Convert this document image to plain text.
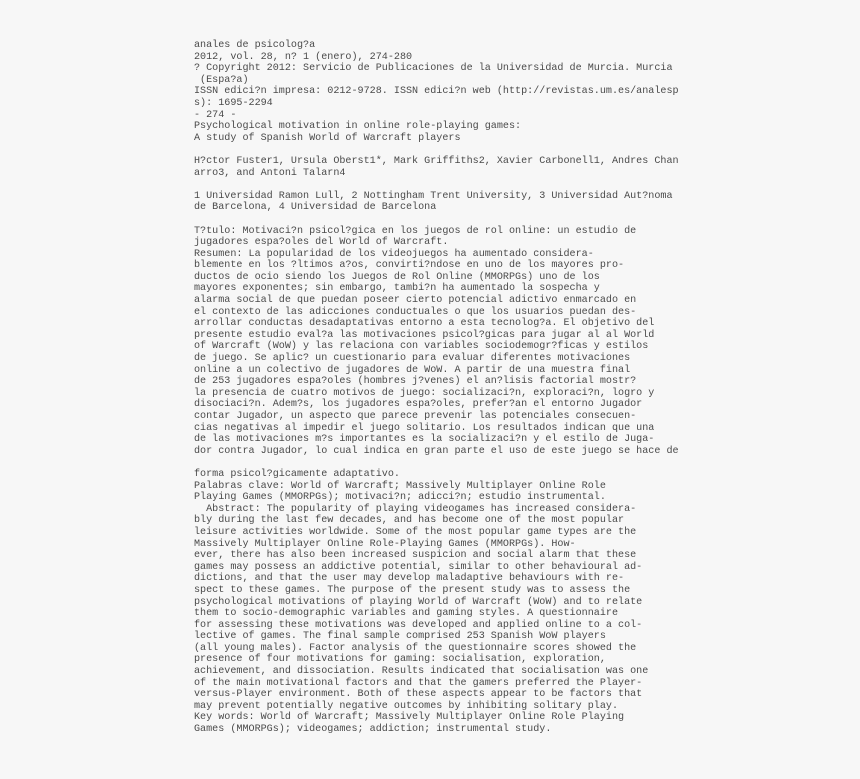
anales de psicolog?a
2012, vol. 28, n? 1 (enero), 274-280
? Copyright 2012: Servicio de Publicaciones de la Universidad de Murcia. Murcia
(Espa?a)
ISSN edici?n impresa: 0212-9728. ISSN edici?n web (http://revistas.um.es/analesp
s): 1695-2294
- 274 -
Psychological motivation in online role-playing games:
A study of Spanish World of Warcraft players
H?ctor Fuster1, Ursula Oberst1*, Mark Griffiths2, Xavier Carbonell1, Andres Chan
arro3, and Antoni Talarn4
1 Universidad Ramon Lull, 2 Nottingham Trent University, 3 Universidad Aut?noma
de Barcelona, 4 Universidad de Barcelona
T?tulo: Motivaci?n psicol?gica en los juegos de rol online: un estudio de
jugadores espa?oles del World of Warcraft.
Resumen: La popularidad de los videojuegos ha aumentado considera-
blemente en los ?ltimos a?os, convirti?ndose en uno de los mayores pro-
ductos de ocio siendo los Juegos de Rol Online (MMORPGs) uno de los
mayores exponentes; sin embargo, tambi?n ha aumentado la sospecha y
alarma social de que puedan poseer cierto potencial adictivo enmarcado en
el contexto de las adicciones conductuales o que los usuarios puedan des-
arrollar conductas desadaptativas entorno a esta tecnolog?a. El objetivo del
presente estudio eval?a las motivaciones psicol?gicas para jugar al al World
of Warcraft (WoW) y las relaciona con variables sociodemogr?ficas y estilos
de juego. Se aplic? un cuestionario para evaluar diferentes motivaciones
online a un colectivo de jugadores de WoW. A partir de una muestra final
de 253 jugadores espa?oles (hombres j?venes) el an?lisis factorial mostr?
la presencia de cuatro motivos de juego: socializaci?n, exploraci?n, logro y
disociaci?n. Adem?s, los jugadores espa?oles, prefer?an el entorno Jugador
contar Jugador, un aspecto que parece prevenir las potenciales consecuen-
cias negativas al impedir el juego solitario. Los resultados indican que una
de las motivaciones m?s importantes es la socializaci?n y el estilo de Juga-
dor contra Jugador, lo cual indica en gran parte el uso de este juego se hace de
forma psicol?gicamente adaptativo.
Palabras clave: World of Warcraft; Massively Multiplayer Online Role
Playing Games (MMORPGs); motivaci?n; adicci?n; estudio instrumental.
Abstract: The popularity of playing videogames has increased considera-
bly during the last few decades, and has become one of the most popular
leisure activities worldwide. Some of the most popular game types are the
Massively Multiplayer Online Role-Playing Games (MMORPGs). How-
ever, there has also been increased suspicion and social alarm that these
games may possess an addictive potential, similar to other behavioural ad-
dictions, and that the user may develop maladaptive behaviours with re-
spect to these games. The purpose of the present study was to assess the
psychological motivations of playing World of Warcraft (WoW) and to relate
them to socio-demographic variables and gaming styles. A questionnaire
for assessing these motivations was developed and applied online to a col-
lective of games. The final sample comprised 253 Spanish WoW players
(all young males). Factor analysis of the questionnaire scores showed the
presence of four motivations for gaming: socialisation, exploration,
achievement, and dissociation. Results indicated that socialisation was one
of the main motivational factors and that the gamers preferred the Player-
versus-Player environment. Both of these aspects appear to be factors that
may prevent potentially negative outcomes by inhibiting solitary play.
Key words: World of Warcraft; Massively Multiplayer Online Role Playing
Games (MMORPGs); videogames; addiction; instrumental study.
